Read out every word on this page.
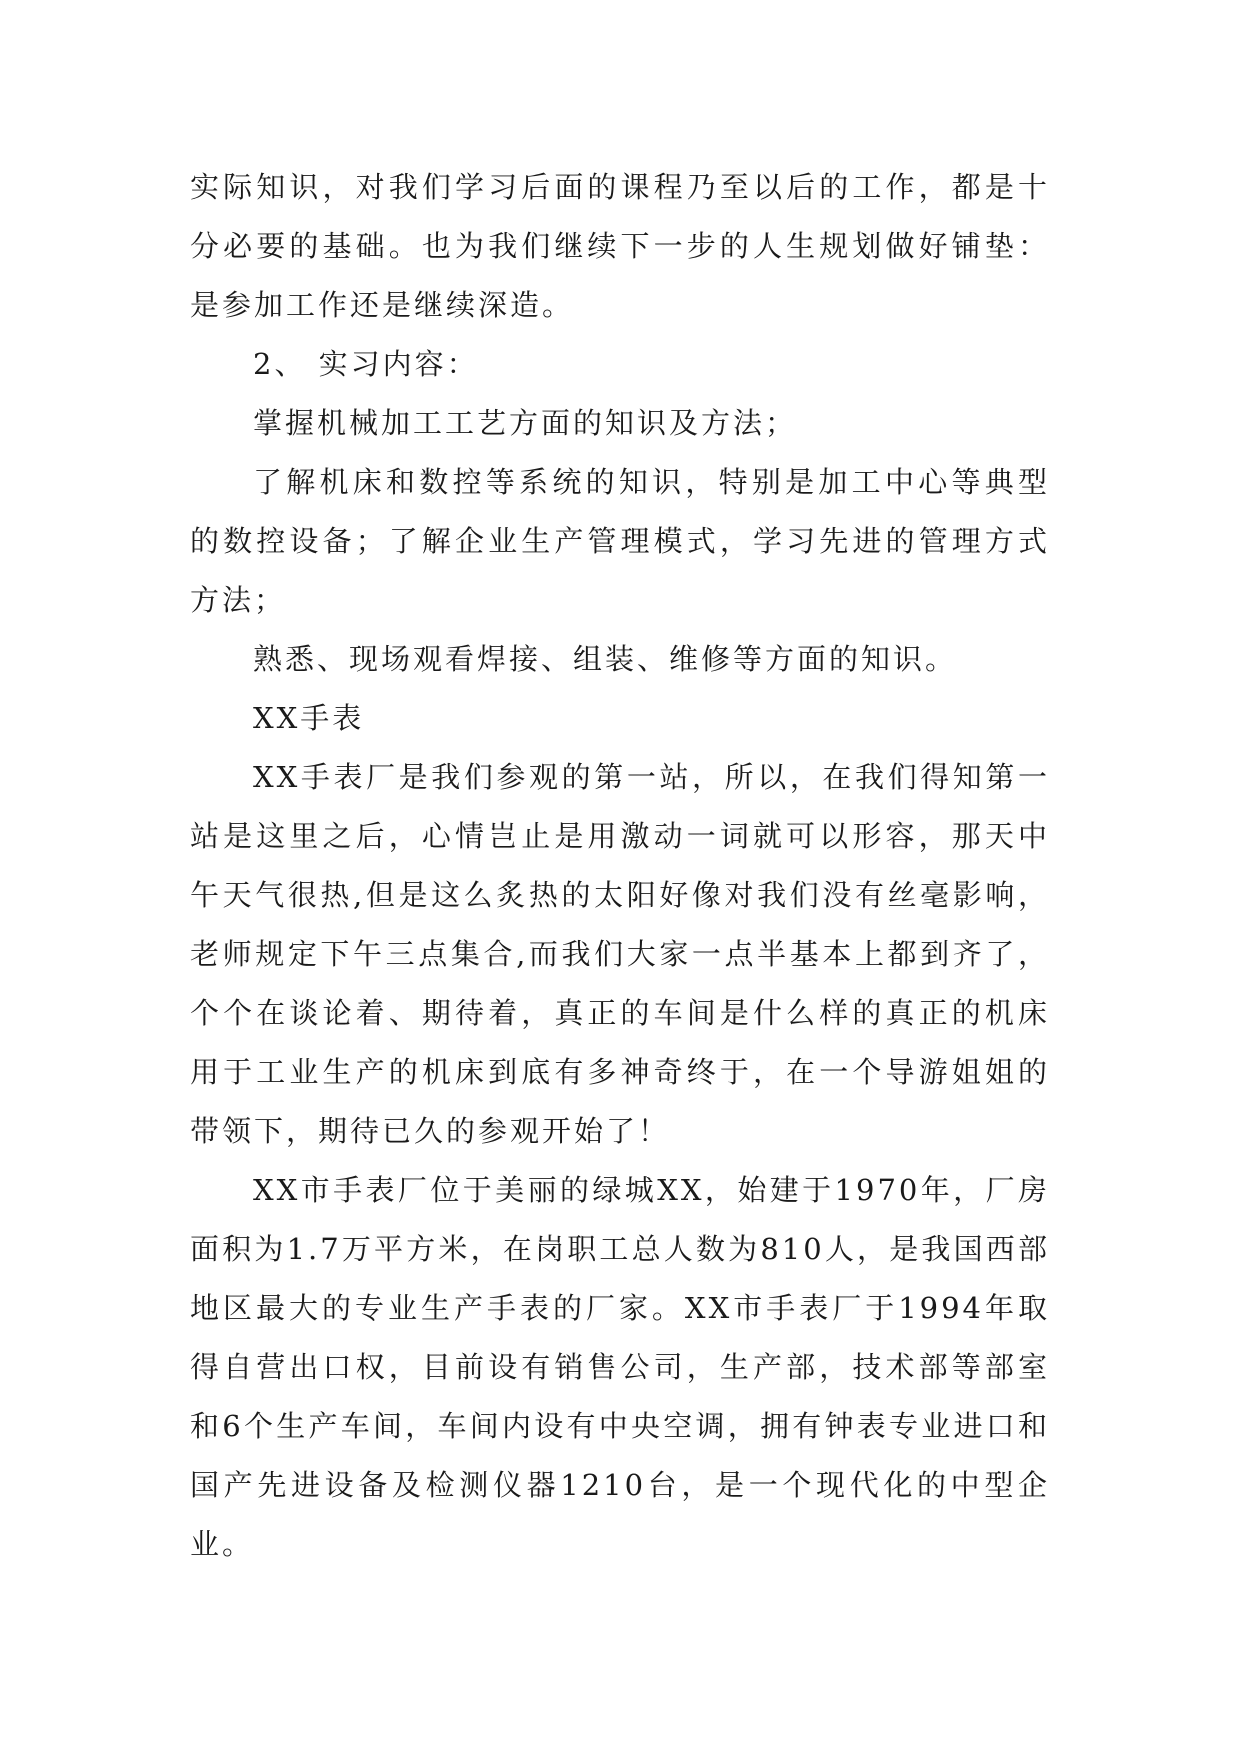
实际知识，对我们学习后面的课程乃至以后的工作，都是十分必要的基础。也为我们继续下一步的人生规划做好铺垫：是参加工作还是继续深造。

2、 实习内容：

掌握机械加工工艺方面的知识及方法；

了解机床和数控等系统的知识，特别是加工中心等典型的数控设备；了解企业生产管理模式，学习先进的管理方式方法；

熟悉、现场观看焊接、组装、维修等方面的知识。

XX手表

XX手表厂是我们参观的第一站，所以，在我们得知第一站是这里之后，心情岂止是用激动一词就可以形容，那天中午天气很热,但是这么炙热的太阳好像对我们没有丝毫影响，老师规定下午三点集合,而我们大家一点半基本上都到齐了，个个在谈论着、期待着，真正的车间是什么样的真正的机床用于工业生产的机床到底有多神奇终于，在一个导游姐姐的带领下，期待已久的参观开始了！

XX市手表厂位于美丽的绿城XX，始建于1970年，厂房面积为1.7万平方米，在岗职工总人数为810人，是我国西部地区最大的专业生产手表的厂家。XX市手表厂于1994年取得自营出口权，目前设有销售公司，生产部，技术部等部室和6个生产车间，车间内设有中央空调，拥有钟表专业进口和国产先进设备及检测仪器1210台，是一个现代化的中型企业。
